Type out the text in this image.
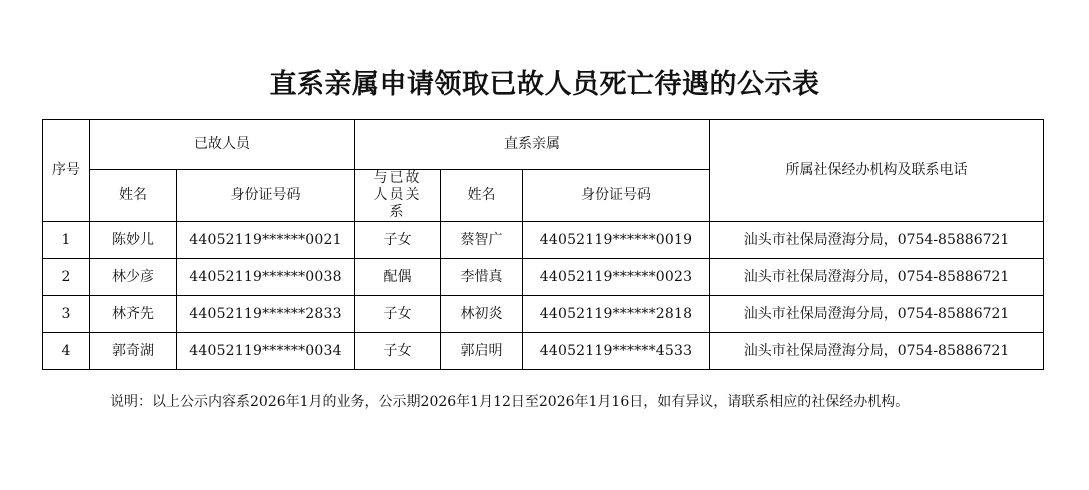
直系亲属申请领取已故人员死亡待遇的公示表
序号	已故人员		直系亲属			所属社保经办机构及联系电话
	姓名	身份证号码	与已故人员关系	姓名	身份证号码	
1	陈妙儿	44052119******0021	子女	蔡智广	44052119******0019	汕头市社保局澄海分局，0754-85886721
2	林少彦	44052119******0038	配偶	李惜真	44052119******0023	汕头市社保局澄海分局，0754-85886721
3	林齐先	44052119******2833	子女	林初炎	44052119******2818	汕头市社保局澄海分局，0754-85886721
4	郭奇湖	44052119******0034	子女	郭启明	44052119******4533	汕头市社保局澄海分局，0754-85886721
说明：以上公示内容系2026年1月的业务，公示期2026年1月12日至2026年1月16日，如有异议，请联系相应的社保经办机构。
